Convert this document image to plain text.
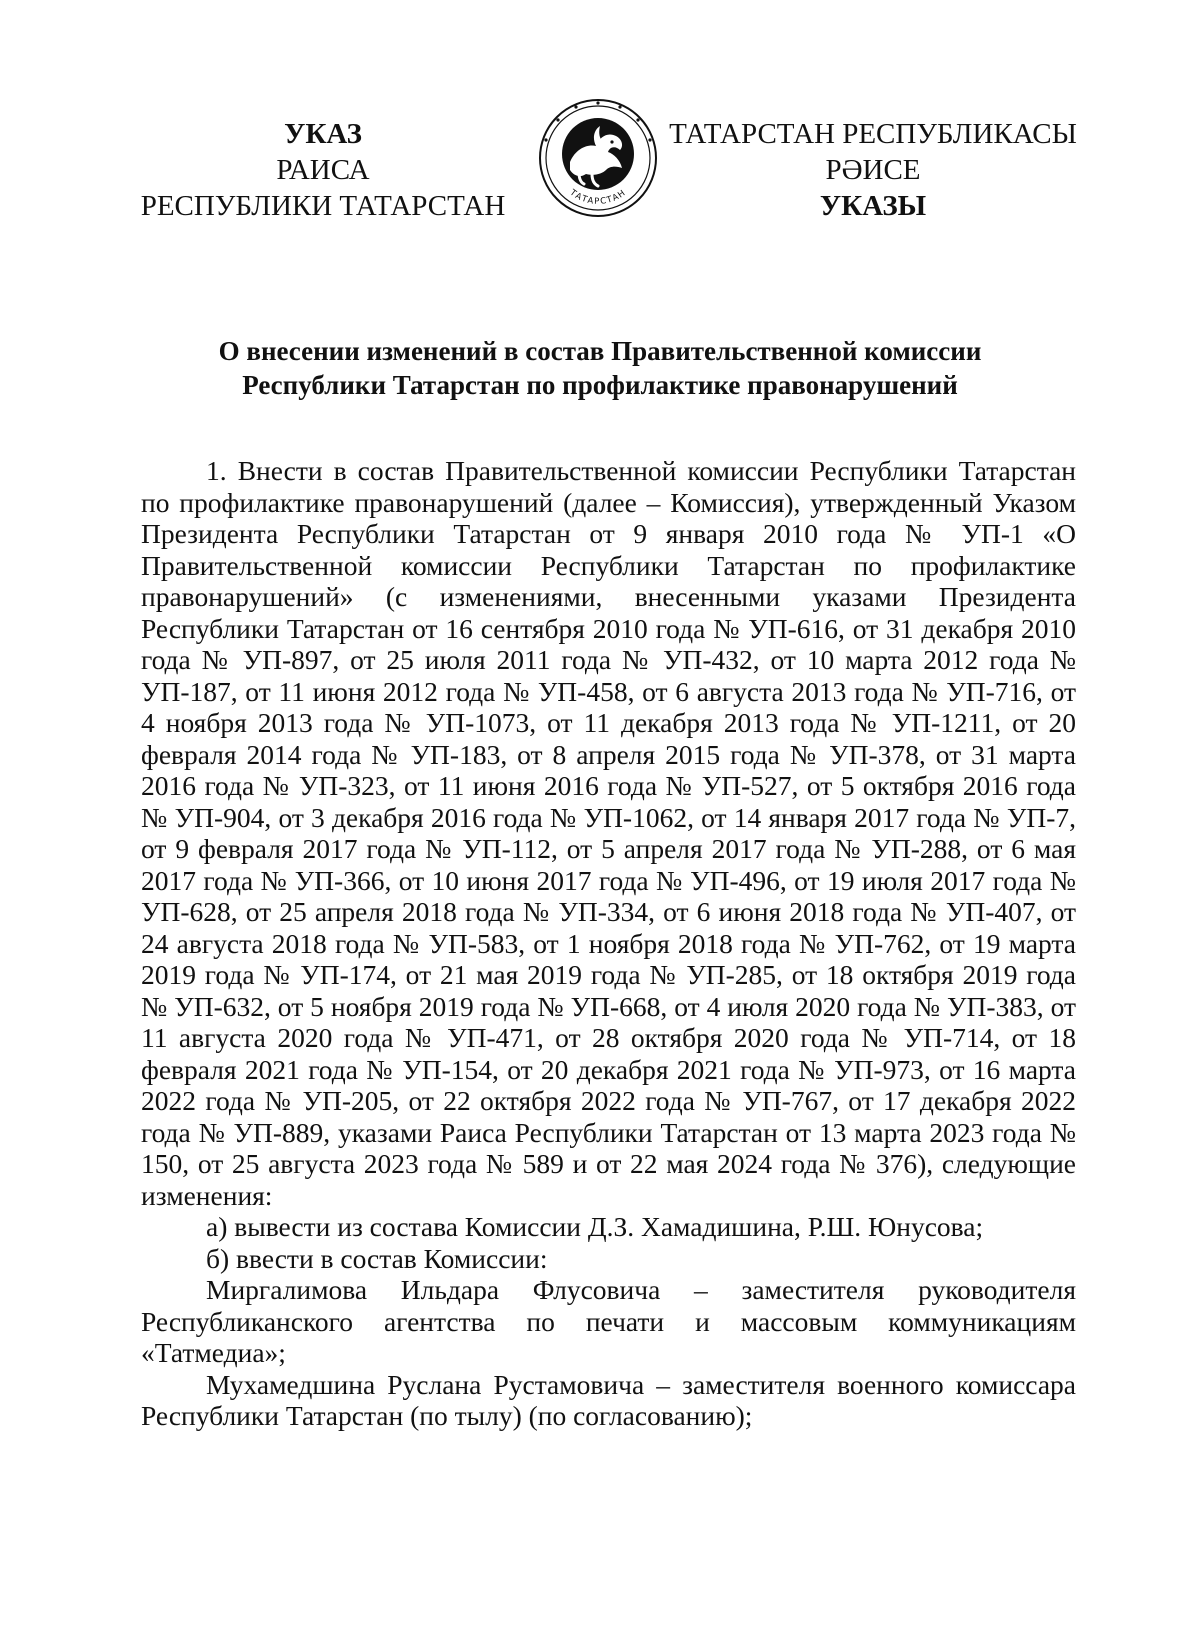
УКАЗ
РАИСА
РЕСПУБЛИКИ ТАТАРСТАН	ТАТАРСТАН
ТАТАРСТАН РЕСПУБЛИКАСЫ
РӘИСЕ
УКАЗЫ
О внесении изменений в состав Правительственной комиссии
Республики Татарстан по профилактике правонарушений

1. Внести в состав Правительственной комиссии Республики Татарстан по профилактике правонарушений (далее – Комиссия), утвержденный Указом Президента Республики Татарстан от 9 января 2010 года № УП-1 «О Правительственной комиссии Республики Татарстан по профилактике правонарушений» (с изменениями, внесенными указами Президента Республики Татарстан от 16 сентября 2010 года № УП-616, от 31 декабря 2010 года № УП-897, от 25 июля 2011 года № УП-432, от 10 марта 2012 года № УП-187, от 11 июня 2012 года № УП-458, от 6 августа 2013 года № УП-716, от 4 ноября 2013 года № УП-1073, от 11 декабря 2013 года № УП-1211, от 20 февраля 2014 года № УП-183, от 8 апреля 2015 года № УП-378, от 31 марта 2016 года № УП-323, от 11 июня 2016 года № УП-527, от 5 октября 2016 года № УП-904, от 3 декабря 2016 года № УП-1062, от 14 января 2017 года № УП-7, от 9 февраля 2017 года № УП-112, от 5 апреля 2017 года № УП-288, от 6 мая 2017 года № УП-366, от 10 июня 2017 года № УП-496, от 19 июля 2017 года № УП-628, от 25 апреля 2018 года № УП-334, от 6 июня 2018 года № УП-407, от 24 августа 2018 года № УП-583, от 1 ноября 2018 года № УП-762, от 19 марта 2019 года № УП-174, от 21 мая 2019 года № УП-285, от 18 октября 2019 года № УП-632, от 5 ноября 2019 года № УП-668, от 4 июля 2020 года № УП-383, от 11 августа 2020 года № УП-471, от 28 октября 2020 года № УП-714, от 18 февраля 2021 года № УП-154, от 20 декабря 2021 года № УП-973, от 16 марта 2022 года № УП-205, от 22 октября 2022 года № УП-767, от 17 декабря 2022 года № УП-889, указами Раиса Республики Татарстан от 13 марта 2023 года № 150, от 25 августа 2023 года № 589 и от 22 мая 2024 года № 376), следующие изменения:

а) вывести из состава Комиссии Д.З. Хамадишина, Р.Ш. Юнусова;

б) ввести в состав Комиссии:

Миргалимова Ильдара Флусовича – заместителя руководителя Республиканского агентства по печати и массовым коммуникациям «Татмедиа»;

Мухамедшина Руслана Рустамовича – заместителя военного комиссара Республики Татарстан (по тылу) (по согласованию);
